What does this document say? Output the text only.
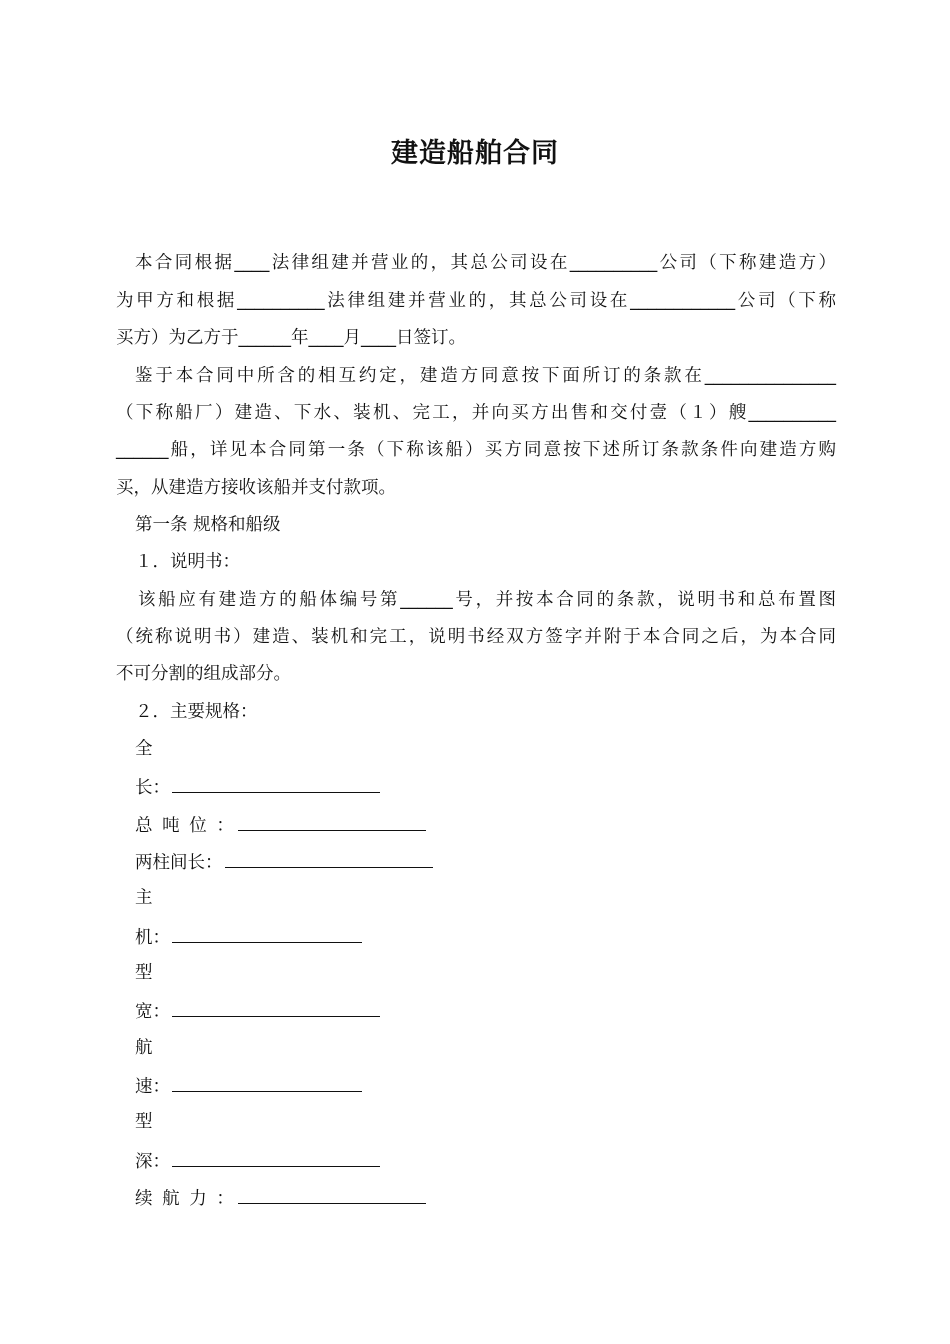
建造船舶合同
本合同根据____法律组建并营业的，其总公司设在__________公司（下称建造方）
为甲方和根据__________法律组建并营业的，其总公司设在____________公司（下称
买方）为乙方于______年____月____日签订。
鉴于本合同中所含的相互约定，建造方同意按下面所订的条款在_______________
（下称船厂）建造、下水、装机、完工，并向买方出售和交付壹（１）艘__________
______船，详见本合同第一条（下称该船）买方同意按下述所订条款条件向建造方购
买，从建造方接收该船并支付款项。
第一条 规格和船级
１．说明书：
该船应有建造方的船体编号第______号，并按本合同的条款，说明书和总布置图
（统称说明书）建造、装机和完工，说明书经双方签字并附于本合同之后，为本合同
不可分割的组成部分。
２．主要规格：
全
长：
总吨位：
两柱间长：
主
机：
型
宽：
航
速：
型
深：
续航力：
